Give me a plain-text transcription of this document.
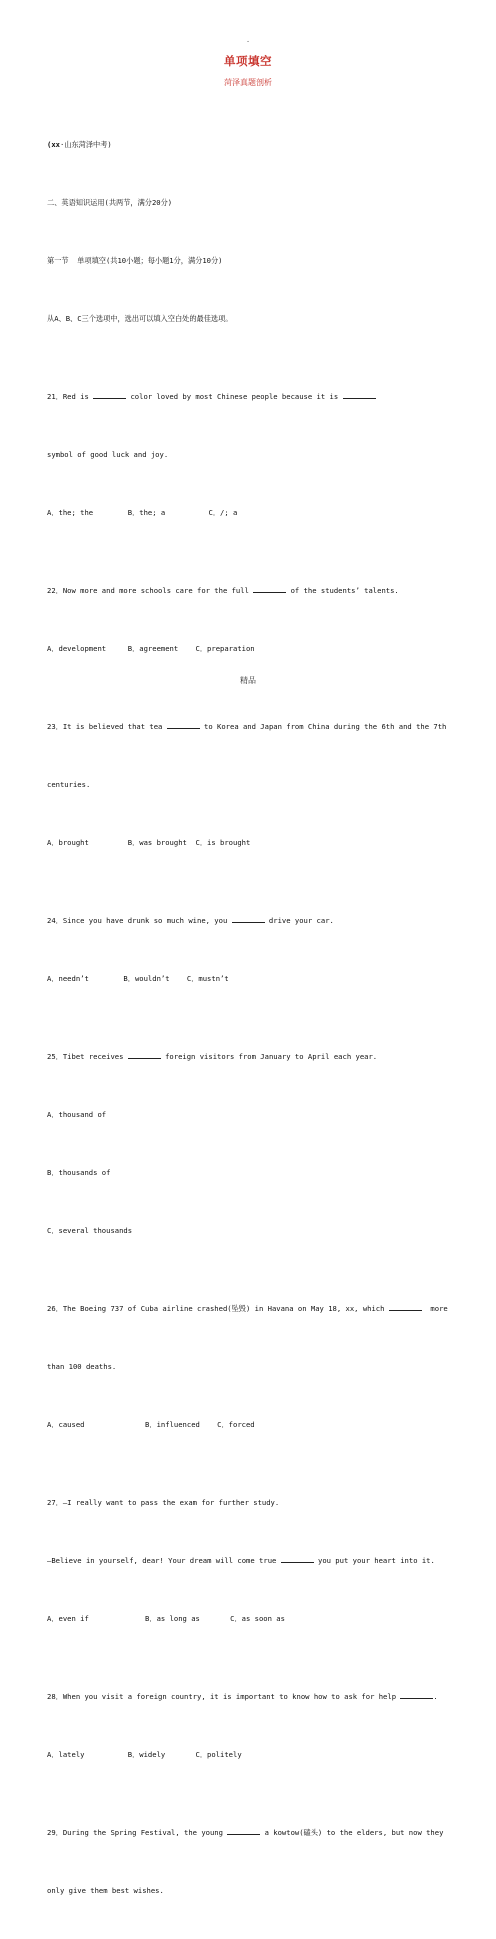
.
单项填空
菏泽真题剖析

(xx·山东菏泽中考)

二、英语知识运用(共两节，满分20分)

第一节  单项填空(共10小题；每小题1分，满分10分)

从A、B、C三个选项中，选出可以填入空白处的最佳选项。

21．Red is	color loved by most Chinese people because it is

symbol of good luck and joy.

A．the; the        B．the; a          C．/; a

22．Now more and more schools care for the full	of the students’ talents.

A．development     B．agreement    C．preparation

23．It is believed that tea	to Korea and Japan from China during the 6th and the 7th

centuries.

A．brought         B．was brought  C．is brought

24．Since you have drunk so much wine, you	drive your car.

A．needn’t        B．wouldn’t    C．mustn’t

25．Tibet receives	foreign visitors from January to April each year.

A．thousand of

B．thousands of

C．several thousands

26．The Boeing 737 of Cuba airline crashed(坠毁) in Havana on May 18, xx, which	more

than 100 deaths.

A．caused              B．influenced    C．forced

27．—I really want to pass the exam for further study.

—Believe in yourself, dear! Your dream will come true	you put your heart into it.

A．even if             B．as long as       C．as soon as

28．When you visit a foreign country, it is important to know how to ask for help	.

A．lately          B．widely       C．politely

29．During the Spring Festival, the young	a kowtow(磕头) to the elders, but now they

only give them best wishes.

精品
